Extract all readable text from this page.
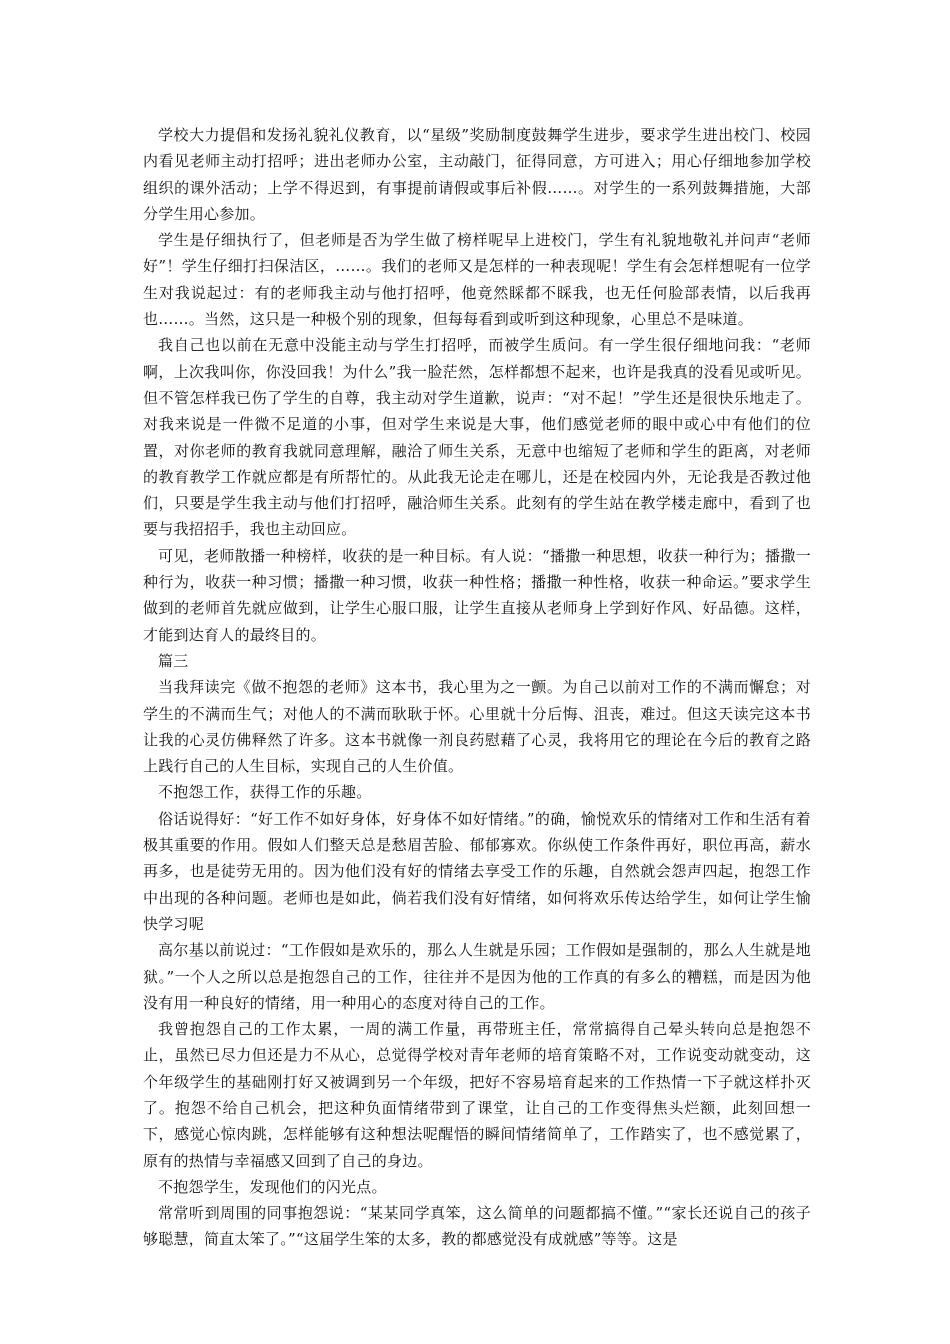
学校大力提倡和发扬礼貌礼仪教育，以“星级”奖励制度鼓舞学生进步，要求学生进出校门、校园内看见老师主动打招呼；进出老师办公室，主动敲门，征得同意，方可进入；用心仔细地参加学校组织的课外活动；上学不得迟到，有事提前请假或事后补假……。对学生的一系列鼓舞措施，大部分学生用心参加。

学生是仔细执行了，但老师是否为学生做了榜样呢早上进校门，学生有礼貌地敬礼并问声“老师好”！学生仔细打扫保洁区，……。我们的老师又是怎样的一种表现呢！学生有会怎样想呢有一位学生对我说起过：有的老师我主动与他打招呼，他竟然睬都不睬我，也无任何脸部表情，以后我再也……。当然，这只是一种极个别的现象，但每每看到或听到这种现象，心里总不是味道。

我自己也以前在无意中没能主动与学生打招呼，而被学生质问。有一学生很仔细地问我：“老师啊，上次我叫你，你没回我！为什么”我一脸茫然，怎样都想不起来，也许是我真的没看见或听见。但不管怎样我已伤了学生的自尊，我主动对学生道歉，说声：“对不起！”学生还是很快乐地走了。对我来说是一件微不足道的小事，但对学生来说是大事，他们感觉老师的眼中或心中有他们的位置，对你老师的教育我就同意理解，融洽了师生关系，无意中也缩短了老师和学生的距离，对老师的教育教学工作就应都是有所帮忙的。从此我无论走在哪儿，还是在校园内外，无论我是否教过他们，只要是学生我主动与他们打招呼，融洽师生关系。此刻有的学生站在教学楼走廊中，看到了也要与我招招手，我也主动回应。

可见，老师散播一种榜样，收获的是一种目标。有人说：“播撒一种思想，收获一种行为；播撒一种行为，收获一种习惯；播撒一种习惯，收获一种性格；播撒一种性格，收获一种命运。”要求学生做到的老师首先就应做到，让学生心服口服，让学生直接从老师身上学到好作风、好品德。这样，才能到达育人的最终目的。

篇三

当我拜读完《做不抱怨的老师》这本书，我心里为之一颤。为自己以前对工作的不满而懈怠；对学生的不满而生气；对他人的不满而耿耿于怀。心里就十分后悔、沮丧，难过。但这天读完这本书让我的心灵仿佛释然了许多。这本书就像一剂良药慰藉了心灵，我将用它的理论在今后的教育之路上践行自己的人生目标，实现自己的人生价值。

不抱怨工作，获得工作的乐趣。

俗话说得好：“好工作不如好身体，好身体不如好情绪。”的确，愉悦欢乐的情绪对工作和生活有着极其重要的作用。假如人们整天总是愁眉苦脸、郁郁寡欢。你纵使工作条件再好，职位再高，薪水再多，也是徒劳无用的。因为他们没有好的情绪去享受工作的乐趣，自然就会怨声四起，抱怨工作中出现的各种问题。老师也是如此，倘若我们没有好情绪，如何将欢乐传达给学生，如何让学生愉快学习呢

高尔基以前说过：“工作假如是欢乐的，那么人生就是乐园；工作假如是强制的，那么人生就是地狱。”一个人之所以总是抱怨自己的工作，往往并不是因为他的工作真的有多么的糟糕，而是因为他没有用一种良好的情绪，用一种用心的态度对待自己的工作。

我曾抱怨自己的工作太累，一周的满工作量，再带班主任，常常搞得自己晕头转向总是抱怨不止，虽然已尽力但还是力不从心，总觉得学校对青年老师的培育策略不对，工作说变动就变动，这个年级学生的基础刚打好又被调到另一个年级，把好不容易培育起来的工作热情一下子就这样扑灭了。抱怨不给自己机会，把这种负面情绪带到了课堂，让自己的工作变得焦头烂额，此刻回想一下，感觉心惊肉跳，怎样能够有这种想法呢醒悟的瞬间情绪简单了，工作踏实了，也不感觉累了，原有的热情与幸福感又回到了自己的身边。

不抱怨学生，发现他们的闪光点。

常常听到周围的同事抱怨说：“某某同学真笨，这么简单的问题都搞不懂。”“家长还说自己的孩子够聪慧，简直太笨了。”“这届学生笨的太多，教的都感觉没有成就感”等等。这是
